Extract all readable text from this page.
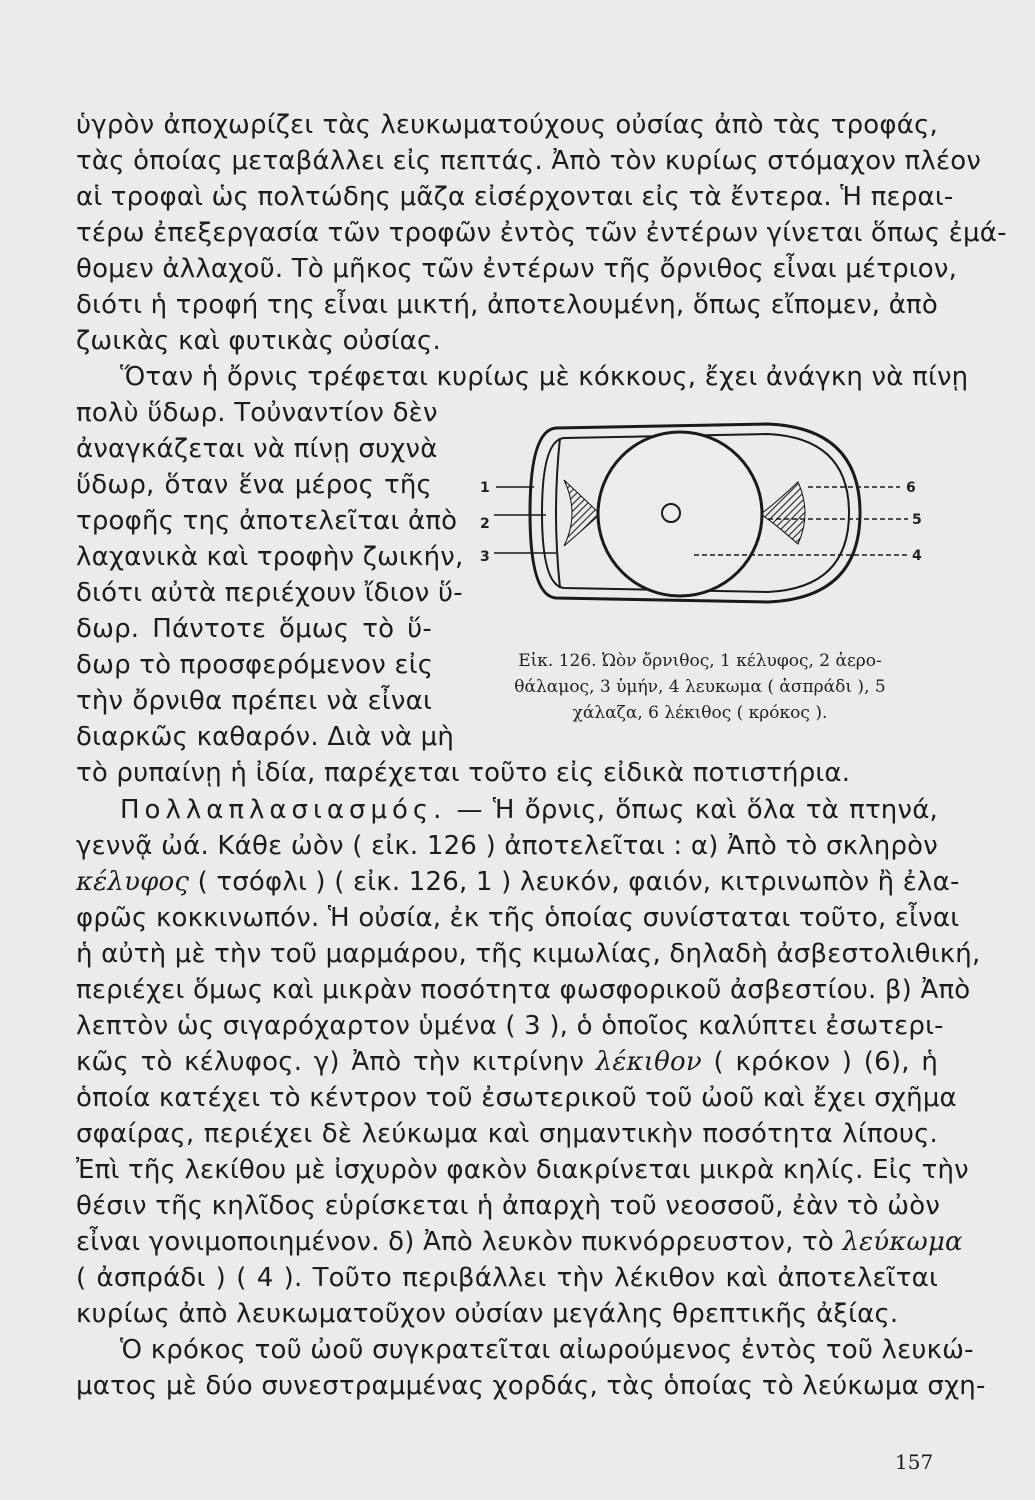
ὑγρὸν ἀποχωρίζει τὰς λευκωματούχους οὐσίας ἀπὸ τὰς τροφάς,
τὰς ὁποίας μεταβάλλει εἰς πεπτάς. Ἀπὸ τὸν κυρίως στόμαχον πλέον
αἱ τροφαὶ ὡς πολτώδης μᾶζα εἰσέρχονται εἰς τὰ ἔντερα. Ἡ περαι-
τέρω ἐπεξεργασία τῶν τροφῶν ἐντὸς τῶν ἐντέρων γίνεται ὅπως ἐμά-
θομεν ἀλλαχοῦ. Τὸ μῆκος τῶν ἐντέρων τῆς ὄρνιθος εἶναι μέτριον,
διότι ἡ τροφή της εἶναι μικτή, ἀποτελουμένη, ὅπως εἴπομεν, ἀπὸ
ζωικὰς καὶ φυτικὰς οὐσίας.
Ὅταν ἡ ὄρνις τρέφεται κυρίως μὲ κόκκους, ἔχει ἀνάγκη νὰ πίνῃ
πολὺ ὕδωρ. Τοὐναντίον δὲν
ἀναγκάζεται νὰ πίνῃ συχνὰ
ὕδωρ, ὅταν ἕνα μέρος τῆς
τροφῆς της ἀποτελεῖται ἀπὸ
λαχανικὰ καὶ τροφὴν ζωικήν,
διότι αὐτὰ περιέχουν ἴδιον ὕ-
δωρ. Πάντοτε ὅμως τὸ ὕ-
δωρ τὸ προσφερόμενον εἰς
τὴν ὄρνιθα πρέπει νὰ εἶναι
διαρκῶς καθαρόν. Διὰ νὰ μὴ
τὸ ρυπαίνῃ ἡ ἰδία, παρέχεται τοῦτο εἰς εἰδικὰ ποτιστήρια.
1
2
3	4
5
6
Εἰκ. 126. Ὠὸν ὄρνιθος, 1 κέλυφος, 2 ἀερο-
θάλαμος, 3 ὑμήν, 4 λευκωμα ( ἀσπράδι ), 5
χάλαζα, 6 λέκιθος ( κρόκος ).
Πολλαπλασιασμός. — Ἡ ὄρνις, ὅπως καὶ ὅλα τὰ πτηνά,
γεννᾷ ὠά. Κάθε ὠὸν ( εἰκ. 126 ) ἀποτελεῖται : α) Ἀπὸ τὸ σκληρὸν
κέλυφος ( τσόφλι ) ( εἰκ. 126, 1 ) λευκόν, φαιόν, κιτρινωπὸν ἢ ἐλα-
φρῶς κοκκινωπόν. Ἡ οὐσία, ἐκ τῆς ὁποίας συνίσταται τοῦτο, εἶναι
ἡ αὐτὴ μὲ τὴν τοῦ μαρμάρου, τῆς κιμωλίας, δηλαδὴ ἀσβεστολιθική,
περιέχει ὅμως καὶ μικρὰν ποσότητα φωσφορικοῦ ἀσβεστίου. β) Ἀπὸ
λεπτὸν ὡς σιγαρόχαρτον ὑμένα ( 3 ), ὁ ὁποῖος καλύπτει ἐσωτερι-
κῶς τὸ κέλυφος. γ) Ἀπὸ τὴν κιτρίνην λέκιθον ( κρόκον ) (6), ἡ
ὁποία κατέχει τὸ κέντρον τοῦ ἐσωτερικοῦ τοῦ ὠοῦ καὶ ἔχει σχῆμα
σφαίρας, περιέχει δὲ λεύκωμα καὶ σημαντικὴν ποσότητα λίπους.
Ἐπὶ τῆς λεκίθου μὲ ἰσχυρὸν φακὸν διακρίνεται μικρὰ κηλίς. Εἰς τὴν
θέσιν τῆς κηλῖδος εὑρίσκεται ἡ ἀπαρχὴ τοῦ νεοσσοῦ, ἐὰν τὸ ὠὸν
εἶναι γονιμοποιημένον. δ) Ἀπὸ λευκὸν πυκνόρρευστον, τὸ λεύκωμα
( ἀσπράδι ) ( 4 ). Τοῦτο περιβάλλει τὴν λέκιθον καὶ ἀποτελεῖται
κυρίως ἀπὸ λευκωματοῦχον οὐσίαν μεγάλης θρεπτικῆς ἀξίας.
Ὁ κρόκος τοῦ ὠοῦ συγκρατεῖται αἰωρούμενος ἐντὸς τοῦ λευκώ-
ματος μὲ δύο συνεστραμμένας χορδάς, τὰς ὁποίας τὸ λεύκωμα σχη-
157
